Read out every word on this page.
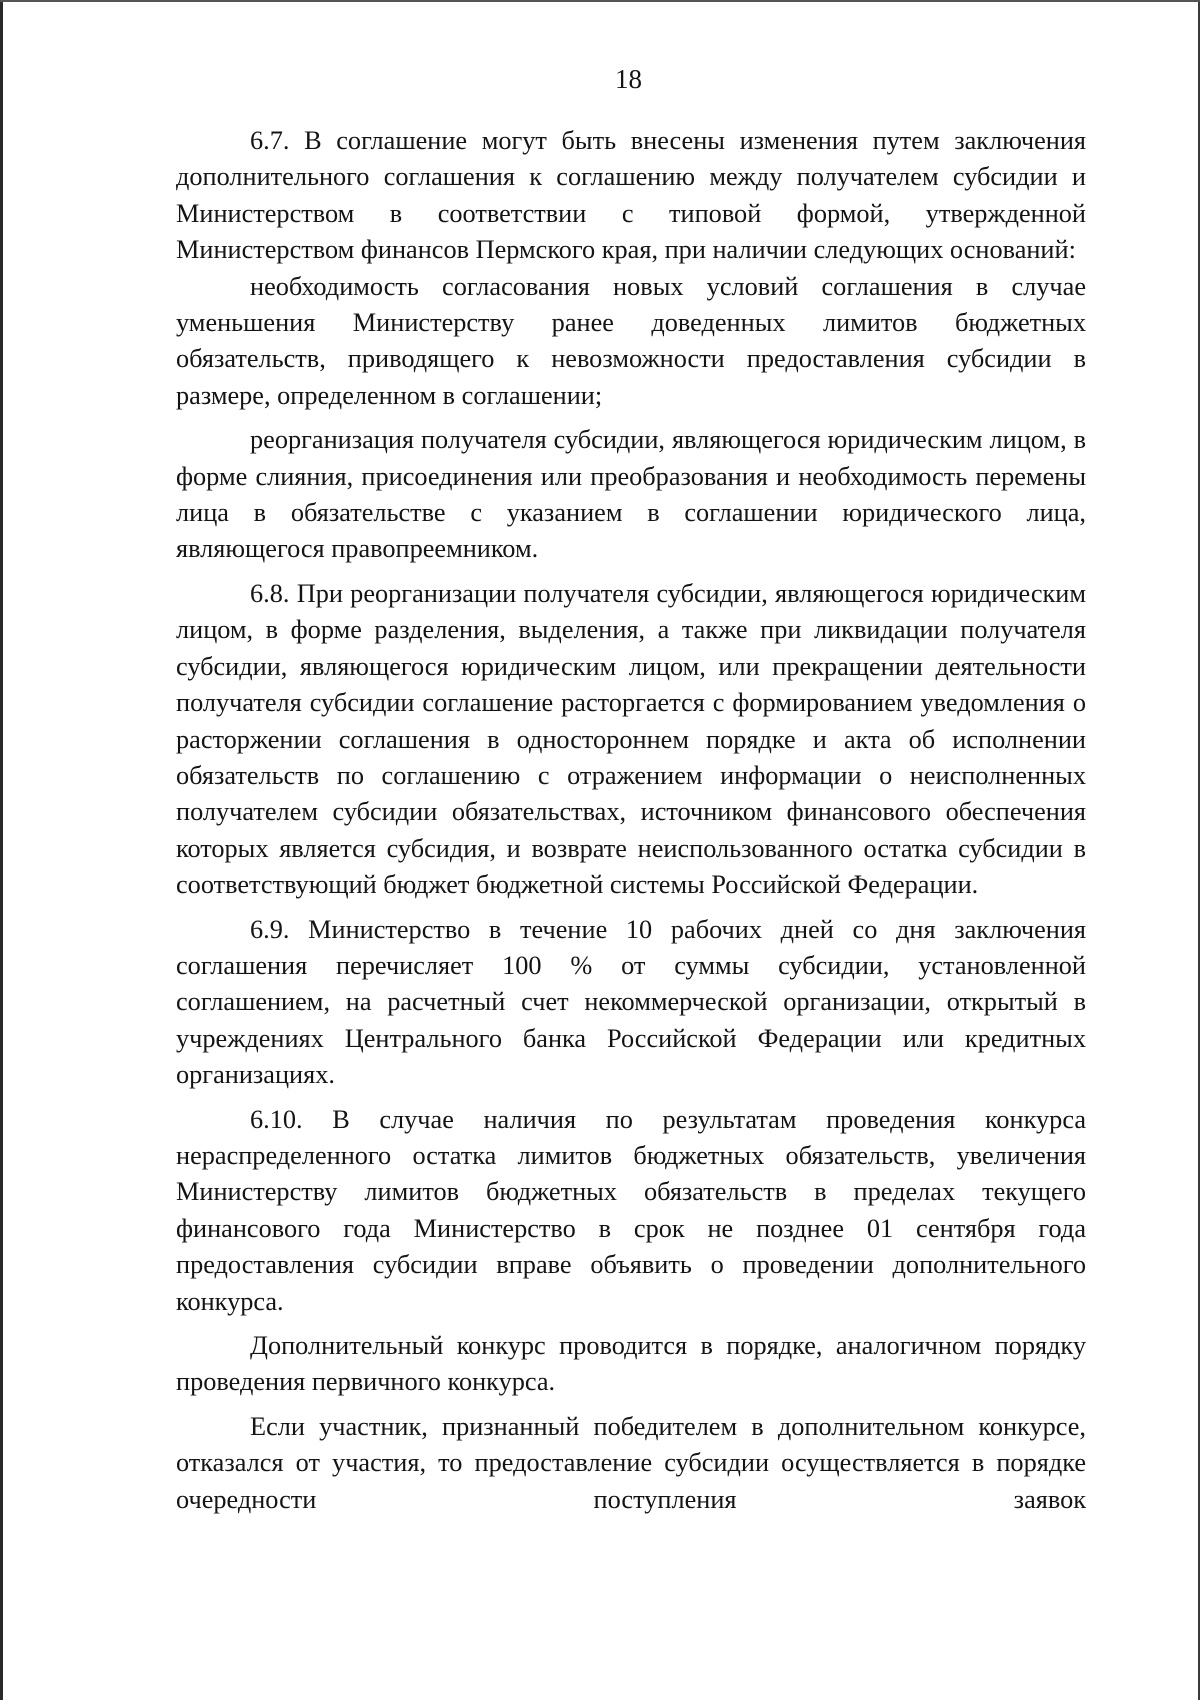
18

6.7. В соглашение могут быть внесены изменения путем заключения дополнительного соглашения к соглашению между получателем субсидии и Министерством в соответствии с типовой формой, утвержденной Министерством финансов Пермского края, при наличии следующих оснований:

необходимость согласования новых условий соглашения в случае уменьшения Министерству ранее доведенных лимитов бюджетных обязательств, приводящего к невозможности предоставления субсидии в размере, определенном в соглашении;

реорганизация получателя субсидии, являющегося юридическим лицом, в форме слияния, присоединения или преобразования и необходимость перемены лица в обязательстве с указанием в соглашении юридического лица, являющегося правопреемником.

6.8. При реорганизации получателя субсидии, являющегося юридическим лицом, в форме разделения, выделения, а также при ликвидации получателя субсидии, являющегося юридическим лицом, или прекращении деятельности получателя субсидии соглашение расторгается с формированием уведомления о расторжении соглашения в одностороннем порядке и акта об исполнении обязательств по соглашению с отражением информации о неисполненных получателем субсидии обязательствах, источником финансового обеспечения которых является субсидия, и возврате неиспользованного остатка субсидии в соответствующий бюджет бюджетной системы Российской Федерации.

6.9. Министерство в течение 10 рабочих дней со дня заключения соглашения перечисляет 100 % от суммы субсидии, установленной соглашением, на расчетный счет некоммерческой организации, открытый в учреждениях Центрального банка Российской Федерации или кредитных организациях.

6.10. В случае наличия по результатам проведения конкурса нераспределенного остатка лимитов бюджетных обязательств, увеличения Министерству лимитов бюджетных обязательств в пределах текущего финансового года Министерство в срок не позднее 01 сентября года предоставления субсидии вправе объявить о проведении дополнительного конкурса.

Дополнительный конкурс проводится в порядке, аналогичном порядку проведения первичного конкурса.

Если участник, признанный победителем в дополнительном конкурсе, отказался от участия, то предоставление субсидии осуществляется в порядке очередности поступления заявок
